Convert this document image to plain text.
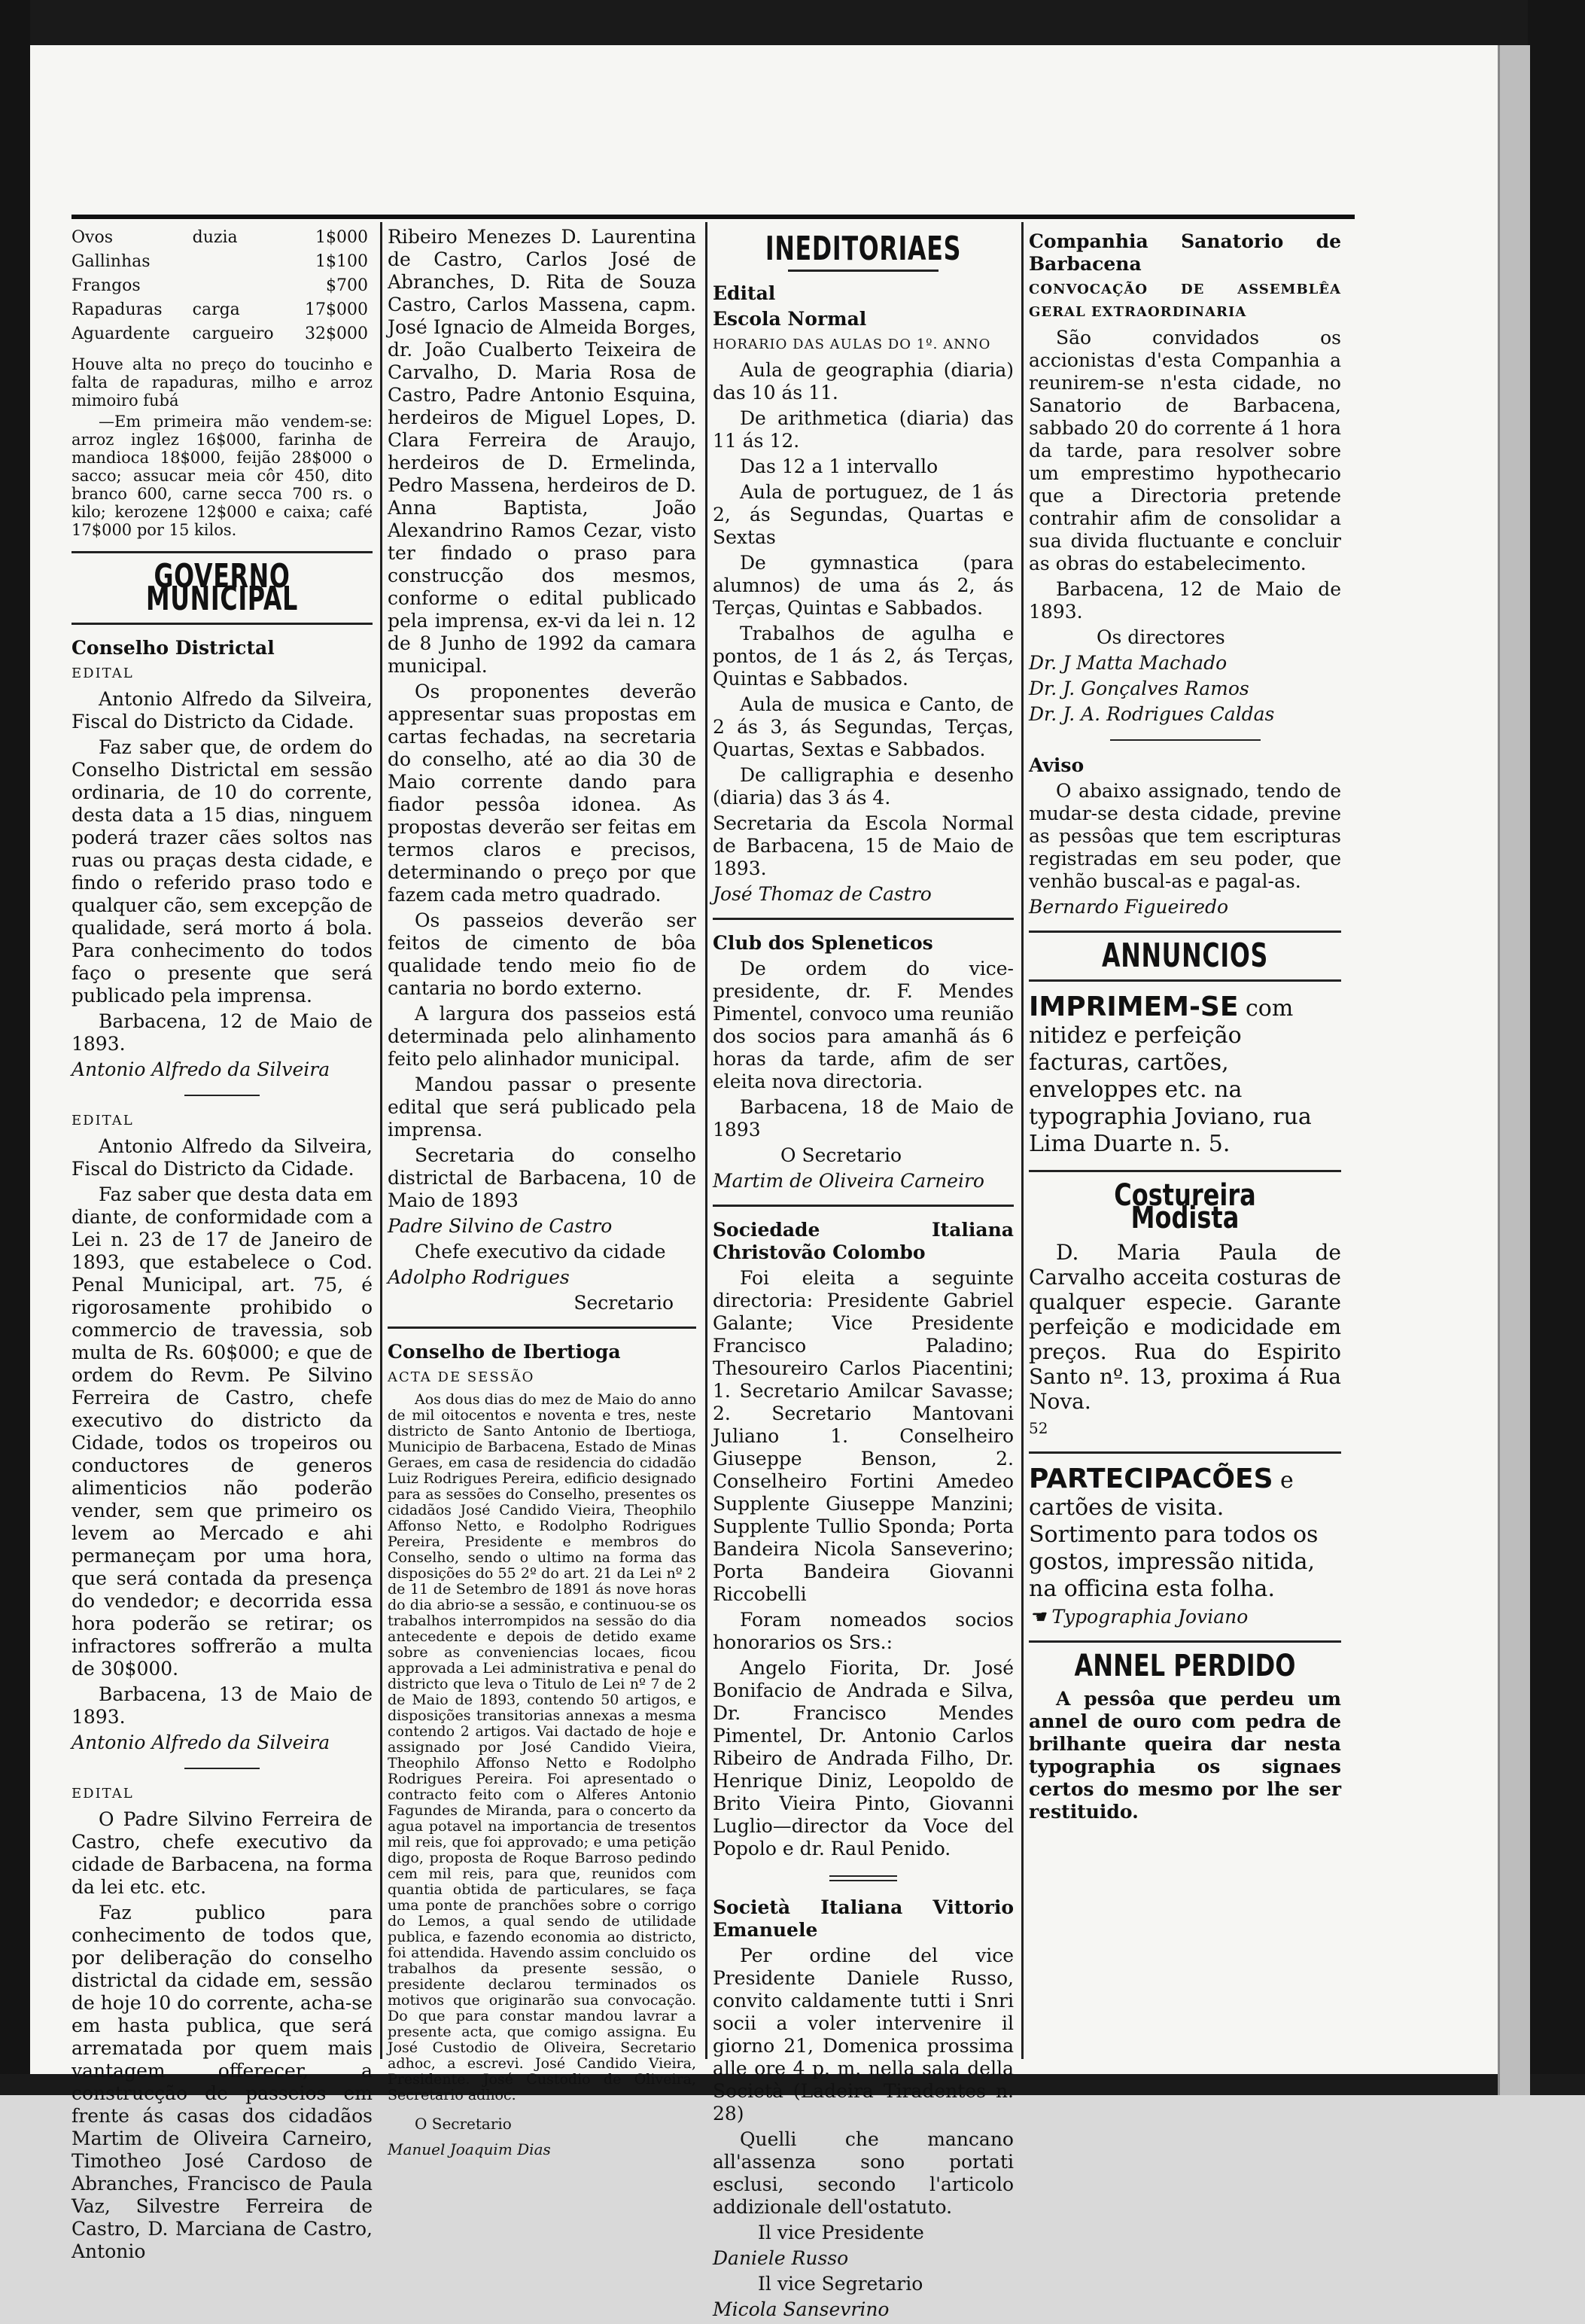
Ovos	duzia	1$000
Gallinhas		1$100
Frangos		$700
Rapaduras	carga	17$000
Aguardente	cargueiro	32$000

Houve alta no preço do toucinho e falta de rapaduras, milho e arroz mimoiro fubá

—Em primeira mão vendem-se: arroz inglez 16$000, farinha de mandioca 18$000, feijão 28$000 o sacco; assucar meia côr 450, dito branco 600, carne secca 700 rs. o kilo; kerozene 12$000 e caixa; café 17$000 por 15 kilos.

GOVERNO MUNICIPAL

Conselho Districtal

EDITAL

Antonio Alfredo da Silveira, Fiscal do Districto da Cidade.

Faz saber que, de ordem do Conselho Districtal em sessão ordinaria, de 10 do corrente, desta data a 15 dias, ninguem poderá trazer cães soltos nas ruas ou praças desta cidade, e findo o referido praso todo e qualquer cão, sem excepção de qualidade, será morto á bola. Para conhecimento do todos faço o presente que será publicado pela imprensa.

Barbacena, 12 de Maio de 1893.

Antonio Alfredo da Silveira

EDITAL

Antonio Alfredo da Silveira, Fiscal do Districto da Cidade.

Faz saber que desta data em diante, de conformidade com a Lei n. 23 de 17 de Janeiro de 1893, que estabelece o Cod. Penal Municipal, art. 75, é rigorosamente prohibido o commercio de travessia, sob multa de Rs. 60$000; e que de ordem do Revm. Pe Silvino Ferreira de Castro, chefe executivo do districto da Cidade, todos os tropeiros ou conductores de generos alimenticios não poderão vender, sem que primeiro os levem ao Mercado e ahi permaneçam por uma hora, que será contada da presença do vendedor; e decorrida essa hora poderão se retirar; os infractores soffrerão a multa de 30$000.

Barbacena, 13 de Maio de 1893.

Antonio Alfredo da Silveira

EDITAL

O Padre Silvino Ferreira de Castro, chefe executivo da cidade de Barbacena, na forma da lei etc. etc.

Faz publico para conhecimento de todos que, por deliberação do conselho districtal da cidade em, sessão de hoje 10 do corrente, acha-se em hasta publica, que será arrematada por quem mais vantagem offerecer, a construcção de passeios em frente ás casas dos cidadãos Martim de Oliveira Carneiro, Timotheo José Cardoso de Abranches, Francisco de Paula Vaz, Silvestre Ferreira de Castro, D. Marciana de Castro, Antonio

Ribeiro Menezes D. Laurentina de Castro, Carlos José de Abranches, D. Rita de Souza Castro, Carlos Massena, capm. José Ignacio de Almeida Borges, dr. João Cualberto Teixeira de Carvalho, D. Maria Rosa de Castro, Padre Antonio Esquina, herdeiros de Miguel Lopes, D. Clara Ferreira de Araujo, herdeiros de D. Ermelinda, Pedro Massena, herdeiros de D. Anna Baptista, João Alexandrino Ramos Cezar, visto ter findado o praso para construcção dos mesmos, conforme o edital publicado pela imprensa, ex-vi da lei n. 12 de 8 Junho de 1992 da camara municipal.

Os proponentes deverão appresentar suas propostas em cartas fechadas, na secretaria do conselho, até ao dia 30 de Maio corrente dando para fiador pessôa idonea. As propostas deverão ser feitas em termos claros e precisos, determinando o preço por que fazem cada metro quadrado.

Os passeios deverão ser feitos de cimento de bôa qualidade tendo meio fio de cantaria no bordo externo.

A largura dos passeios está determinada pelo alinhamento feito pelo alinhador municipal.

Mandou passar o presente edital que será publicado pela imprensa.

Secretaria do conselho districtal de Barbacena, 10 de Maio de 1893

Padre Silvino de Castro

Chefe executivo da cidade

Adolpho Rodrigues

Secretario

Conselho de Ibertioga

ACTA DE SESSÃO

Aos dous dias do mez de Maio do anno de mil oitocentos e noventa e tres, neste districto de Santo Antonio de Ibertioga, Municipio de Barbacena, Estado de Minas Geraes, em casa de residencia do cidadão Luiz Rodrigues Pereira, edificio designado para as sessões do Conselho, presentes os cidadãos José Candido Vieira, Theophilo Affonso Netto, e Rodolpho Rodrigues Pereira, Presidente e membros do Conselho, sendo o ultimo na forma das disposições do 55 2º do art. 21 da Lei nº 2 de 11 de Setembro de 1891 ás nove horas do dia abrio-se a sessão, e continuou-se os trabalhos interrompidos na sessão do dia antecedente e depois de detido exame sobre as conveniencias locaes, ficou approvada a Lei administrativa e penal do districto que leva o Titulo de Lei nº 7 de 2 de Maio de 1893, contendo 50 artigos, e disposições transitorias annexas a mesma contendo 2 artigos. Vai dactado de hoje e assignado por José Candido Vieira, Theophilo Affonso Netto e Rodolpho Rodrigues Pereira. Foi apresentado o contracto feito com o Alferes Antonio Fagundes de Miranda, para o concerto da agua potavel na importancia de tresentos mil reis, que foi approvado; e uma petição digo, proposta de Roque Barroso pedindo cem mil reis, para que, reunidos com quantia obtida de particulares, se faça uma ponte de pranchões sobre o corrigo do Lemos, a qual sendo de utilidade publica, e fazendo economia ao districto, foi attendida. Havendo assim concluido os trabalhos da presente sessão, o presidente declarou terminados os motivos que originarão sua convocação. Do que para constar mandou lavrar a presente acta, que comigo assigna. Eu José Custodio de Oliveira, Secretario adhoc, a escrevi. José Candido Vieira, Presidente. José Custodio de Oliveira, Secretario adhoc.

O Secretario

Manuel Joaquim Dias

INEDITORIAES

Edital

Escola Normal

HORARIO DAS AULAS DO 1º. ANNO

Aula de geographia (diaria) das 10 ás 11.

De arithmetica (diaria) das 11 ás 12.

Das 12 a 1 intervallo

Aula de portuguez, de 1 ás 2, ás Segundas, Quartas e Sextas

De gymnastica (para alumnos) de uma ás 2, ás Terças, Quintas e Sabbados.

Trabalhos de agulha e pontos, de 1 ás 2, ás Terças, Quintas e Sabbados.

Aula de musica e Canto, de 2 ás 3, ás Segundas, Terças, Quartas, Sextas e Sabbados.

De calligraphia e desenho (diaria) das 3 ás 4.

Secretaria da Escola Normal de Barbacena, 15 de Maio de 1893.

José Thomaz de Castro

Club dos Spleneticos

De ordem do vice-presidente, dr. F. Mendes Pimentel, convoco uma reunião dos socios para amanhã ás 6 horas da tarde, afim de ser eleita nova directoria.

Barbacena, 18 de Maio de 1893

O Secretario

Martim de Oliveira Carneiro

Sociedade Italiana Christovão Colombo

Foi eleita a seguinte directoria: Presidente Gabriel Galante; Vice Presidente Francisco Paladino; Thesoureiro Carlos Piacentini; 1. Secretario Amilcar Savasse; 2. Secretario Mantovani Juliano 1. Conselheiro Giuseppe Benson, 2. Conselheiro Fortini Amedeo Supplente Giuseppe Manzini; Supplente Tullio Sponda; Porta Bandeira Nicola Sanseverino; Porta Bandeira Giovanni Riccobelli

Foram nomeados socios honorarios os Srs.:

Angelo Fiorita, Dr. José Bonifacio de Andrada e Silva, Dr. Francisco Mendes Pimentel, Dr. Antonio Carlos Ribeiro de Andrada Filho, Dr. Henrique Diniz, Leopoldo de Brito Vieira Pinto, Giovanni Luglio—director da Voce del Popolo e dr. Raul Penido.

Società Italiana Vittorio Emanuele

Per ordine del vice Presidente Daniele Russo, convito caldamente tutti i Snri socii a voler intervenire il giorno 21, Domenica prossima alle ore 4 p. m. nella sala della Società (Ladeira Tiradentes n. 28)

Quelli che mancano all'assenza sono portati esclusi, secondo l'articolo addizionale dell'ostatuto.

Il vice Presidente

Daniele Russo

Il vice Segretario

Micola Sansevrino

Companhia Sanatorio de Barbacena

CONVOCAÇÃO DE ASSEMBLÊA GERAL EXTRAORDINARIA

São convidados os accionistas d'esta Companhia a reunirem-se n'esta cidade, no Sanatorio de Barbacena, sabbado 20 do corrente á 1 hora da tarde, para resolver sobre um emprestimo hypothecario que a Directoria pretende contrahir afim de consolidar a sua divida fluctuante e concluir as obras do estabelecimento.

Barbacena, 12 de Maio de 1893.

Os directores

Dr. J Matta Machado

Dr. J. Gonçalves Ramos

Dr. J. A. Rodrigues Caldas

Aviso

O abaixo assignado, tendo de mudar-se desta cidade, previne as pessôas que tem escripturas registradas em seu poder, que venhão buscal-as e pagal-as.

Bernardo Figueiredo

ANNUNCIOS

IMPRIMEM-SE com nitidez e perfeição facturas, cartões, enveloppes etc. na typographia Joviano, rua Lima Duarte n. 5.

Costureira Modista

D. Maria Paula de Carvalho acceita costuras de qualquer especie. Garante perfeição e modicidade em preços. Rua do Espirito Santo nº. 13, proxima á Rua Nova.

52

PARTECIPACÕES e cartões de visita. Sortimento para todos os gostos, impressão nitida, na officina esta folha.

☚ Typographia Joviano

ANNEL PERDIDO

A pessôa que perdeu um annel de ouro com pedra de brilhante queira dar nesta typographia os signaes certos do mesmo por lhe ser restituido.
